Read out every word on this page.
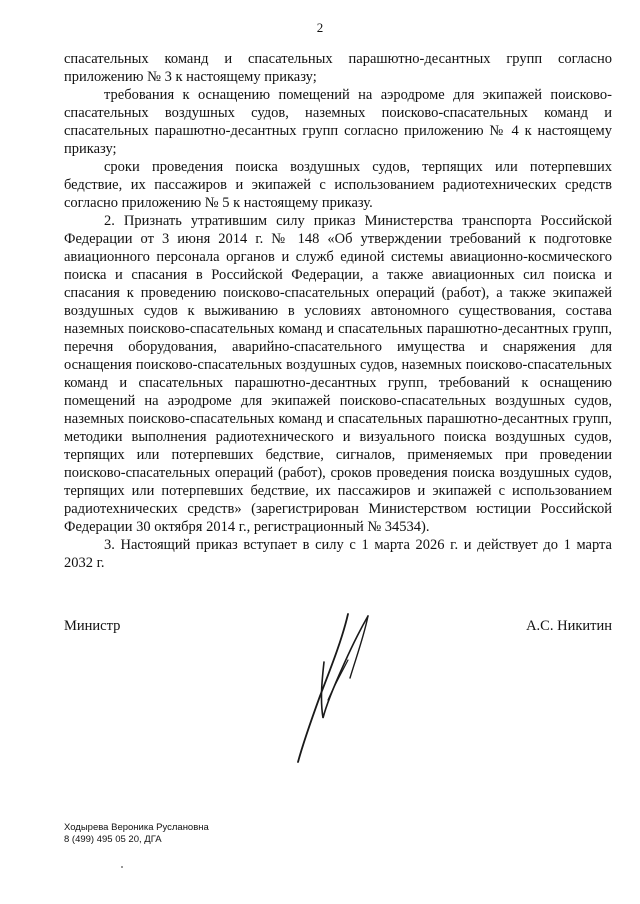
2

спасательных команд и спасательных парашютно-десантных групп согласно приложению № 3 к настоящему приказу;

требования к оснащению помещений на аэродроме для экипажей поисково-спасательных воздушных судов, наземных поисково-спасательных команд и спасательных парашютно-десантных групп согласно приложению № 4 к настоящему приказу;

сроки проведения поиска воздушных судов, терпящих или потерпевших бедствие, их пассажиров и экипажей с использованием радиотехнических средств согласно приложению № 5 к настоящему приказу.

2. Признать утратившим силу приказ Министерства транспорта Российской Федерации от 3 июня 2014 г. № 148 «Об утверждении требований к подготовке авиационного персонала органов и служб единой системы авиационно-космического поиска и спасания в Российской Федерации, а также авиационных сил поиска и спасания к проведению поисково-спасательных операций (работ), а также экипажей воздушных судов к выживанию в условиях автономного существования, состава наземных поисково-спасательных команд и спасательных парашютно-десантных групп, перечня оборудования, аварийно-спасательного имущества и снаряжения для оснащения поисково-спасательных воздушных судов, наземных поисково-спасательных команд и спасательных парашютно-десантных групп, требований к оснащению помещений на аэродроме для экипажей поисково-спасательных воздушных судов, наземных поисково-спасательных команд и спасательных парашютно-десантных групп, методики выполнения радиотехнического и визуального поиска воздушных судов, терпящих или потерпевших бедствие, сигналов, применяемых при проведении поисково-спасательных операций (работ), сроков проведения поиска воздушных судов, терпящих или потерпевших бедствие, их пассажиров и экипажей с использованием радиотехнических средств» (зарегистрирован Министерством юстиции Российской Федерации 30 октября 2014 г., регистрационный № 34534).

3. Настоящий приказ вступает в силу с 1 марта 2026 г. и действует до 1 марта 2032 г.

Министр	А.С. Никитин
Ходырева Вероника Руслановна
8 (499) 495 05 20, ДГА
